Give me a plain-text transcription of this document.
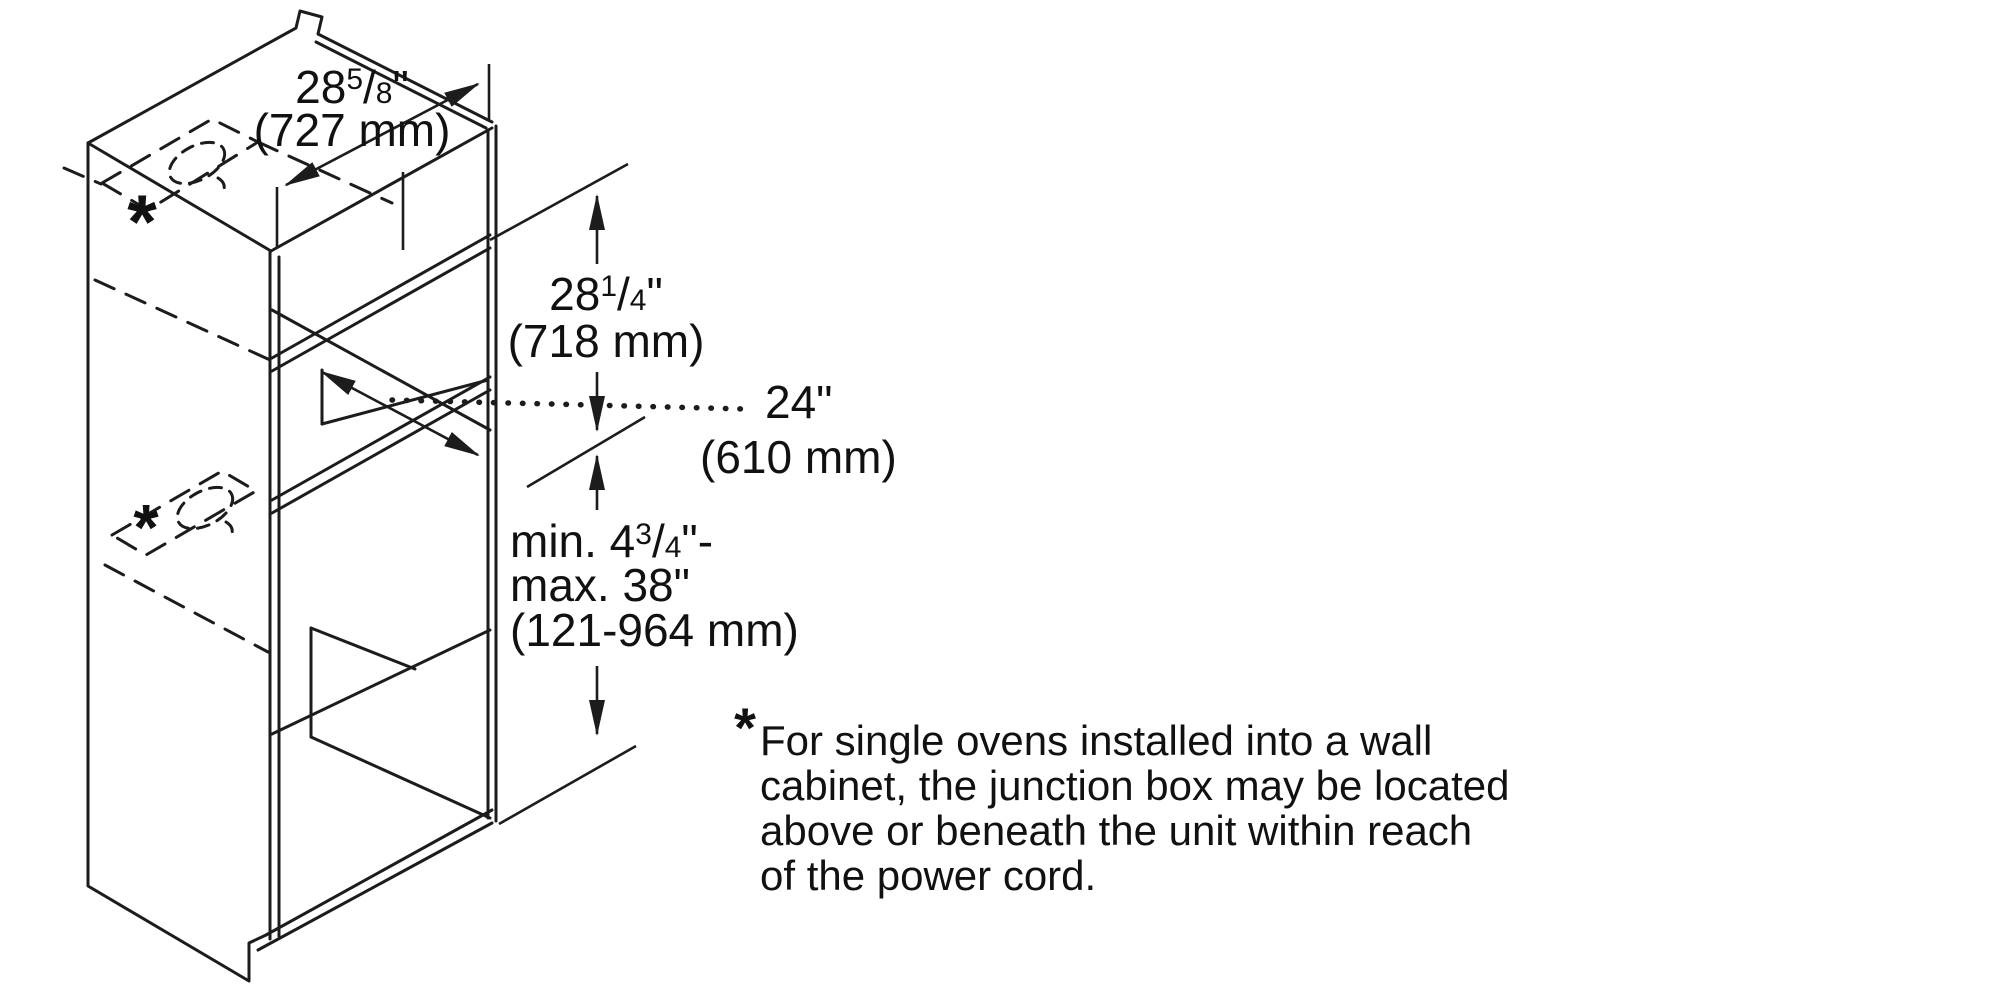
28$^5$/8"
(727 mm)
28$^1$/4"
(718 mm)
24"
(610 mm)
min. 4$^3$/4"-
max. 38"
(121-964 mm)
*
*
* For single ovens installed into a wall
cabinet, the junction box may be located
above or beneath the unit within reach
of the power cord.
